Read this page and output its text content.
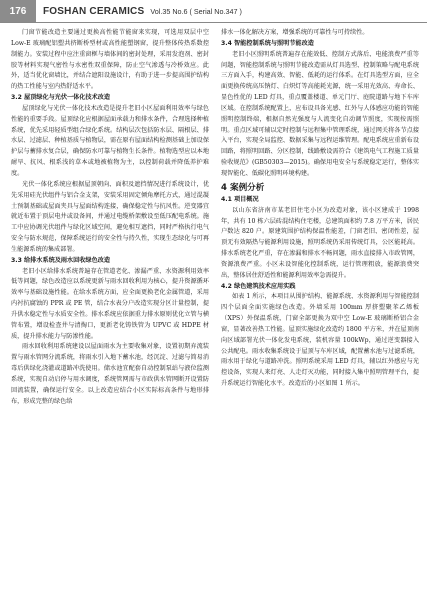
176	FOSHAN CERAMICS Vol.35 No.6 ( Serial No.347 )

门窗节能改造主要通过更换高性能节能窗来实现，可选用双层中空 Low-E 玻璃配铝塑共挤断桥型材或高性能塑钢窗，提升整体传热系数控制能力。安装过程中应注重窗框与墙体间的密封处理，采用发泡剂、密封胶等材料实现气密性与水密性双重保障，防止空气渗透与冷桥效应。此外，适当优化窗墙比，并结合遮阳设施设计，有助于进一步提高围护结构的热工性能与室内热舒适水平。

3.2 屋顶绿化与光伏一体化技术改造

屋顶绿化与光伏一体化技术改造是提升老旧小区屋面利用效率与绿色性能的重要手段。屋顶绿化应根据屋面承载力和排水条件，合理选择种植系统，优先采用轻质型组合绿化系统。结构层次包括防水层、隔根层、排水层、过滤层、种植基质与植物层，需在原有屋面结构检测基础上加设保护层与蓄排水复合层，确保防水可靠与植物生长条件。植物选型应以本地耐旱、抗风、根系浅的草本或地被植物为主，以控制荷载并降低养护难度。

光伏一体化系统应根据屋顶朝向、面积及遮挡情况进行系统设计，优先采用硅光伏组件与铝合金支架，安装采用固定倾角摩托方式，通过混凝土预制基础或屋面夹具与屋面结构连接，确保稳定性与抗风性。逆变器宜就近布置于顶层电井或设备间，并通过电缆桥架敷设至低压配电系统。施工中应协调光伏组件与绿化区域空间，避免相互遮挡，同时严格执行电气安全与防水规范，保障系统运行的安全性与持久性，实现生态绿化与可再生能源系统的集成部署。

3.3 给排水系统及雨水回收绿色改造

老旧小区给排水系统普遍存在管道老化、渗漏严重、水资源利用效率低等问题，绿色改造应以系统更新与雨水回收利用为核心，提升资源循环效率与基础设施性能。在给水系统方面，应全面更换老化金属管道，采用内衬抗腐蚀的 PPR 或 PE 管，结合水表分户改造实现分区计量控制，提升供水稳定性与水质安全性。排水系统应依据重力排水原则优化立管与横管布置，增设检查井与清掏口，更新老化铸铁管为 UPVC 或 HDPE 材质，提升排水能力与防渗性能。

雨水回收利用系统建设以屋面雨水为主要收集对象，设置初期弃流装置与雨水管网分流系统，将雨水引入地下蓄水池，经沉淀、过滤与简易消毒后供绿化浇灌或道路冲洗使用。储水池宜配套自动控制泵站与液位监测系统，实现自动启停与用水调度，系统管网需与市政供水管网断开设置防回流装置，确保运行安全。以上改造应结合小区实际标高条件与地形排布，形成完整的绿色给

排水一体化解决方案，增强系统的可靠性与可持续性。

3.4 智能控制系统与照明节能改造

老旧小区照明系统普遍存在能效低、控制方式落后、电能浪费严重等问题，智能控制系统与照明节能改造需从灯具选型、控制策略与配电系统三方面入手，构建高效、智能、低耗的运行体系。在灯具选型方面，应全面更换传统高压钠灯、白炽灯等高能耗光源，统一采用光效高、寿命长、显色性优的 LED 灯具，重点覆盖楼道、单元门厅、庭院道路与地下车库区域。在控制系统配置上，应布设具备光感、红外与人体感应功能的智能照明控制终端，根据自然光强度与人流变化自动调节照度，实现按需照明。重点区域可辅以定时控制与远程集中管理系统，通过网关将各节点接入平台，实现全局监控、数据采集与远程运维管理。配电系统应重新布设回路，将照明回路、分区控制，线路敷设需符合《建筑电气工程施工质量验收规范》(GB50303—2015)。确保用电安全与系统稳定运行，整体实现智能化、低碳化照明环境构建。

4 案例分析
4.1 项目概况

以山东省济南市某老旧住宅小区为改造对象，该小区建成于 1998 年，共有 10 栋六层砖混结构住宅楼，总建筑面积约 7.8 万平方米，居民户数达 820 户。原建筑围护结构保温性能差，门窗老旧、密闭性差，屋顶无有效隔热与能源利用设施，照明系统仍采用传统灯具，公区能耗高。排水系统老化严重，存在渗漏和排水不畅问题，雨水直接排入市政管网，资源浪费严重。小区未设智能化控制系统，运行管理粗放，能源浪费突出，整体居住舒适性和能源利用效率急需提升。

4.2 绿色建筑技术应用实践

如表 1 所示，本项目从围护结构、能源系统、水资源利用与智能控制四个层面全面实施绿色改造。外墙采用 100mm 厚挤塑聚苯乙烯板（XPS）外保温系统，门窗全部更换为双中空 Low-E 玻璃断桥铝合金窗，显著改善热工性能。屋顶实施绿化改造约 1800 平方米，并在屋顶南向区域部署光伏一体化发电系统，装机容量 100kWp，通过逆变器接入公共配电。雨水收集系统设于屋顶与车库区域，配置蓄水池与过滤系统，雨水用于绿化与道路冲洗。照明系统采用 LED 灯具，辅以红外感应与光控设备，实现人来灯亮、人走灯灭功能，同时接入集中照明管理平台，提升系统运行智能化水平。改造后的小区如图 1 所示。
